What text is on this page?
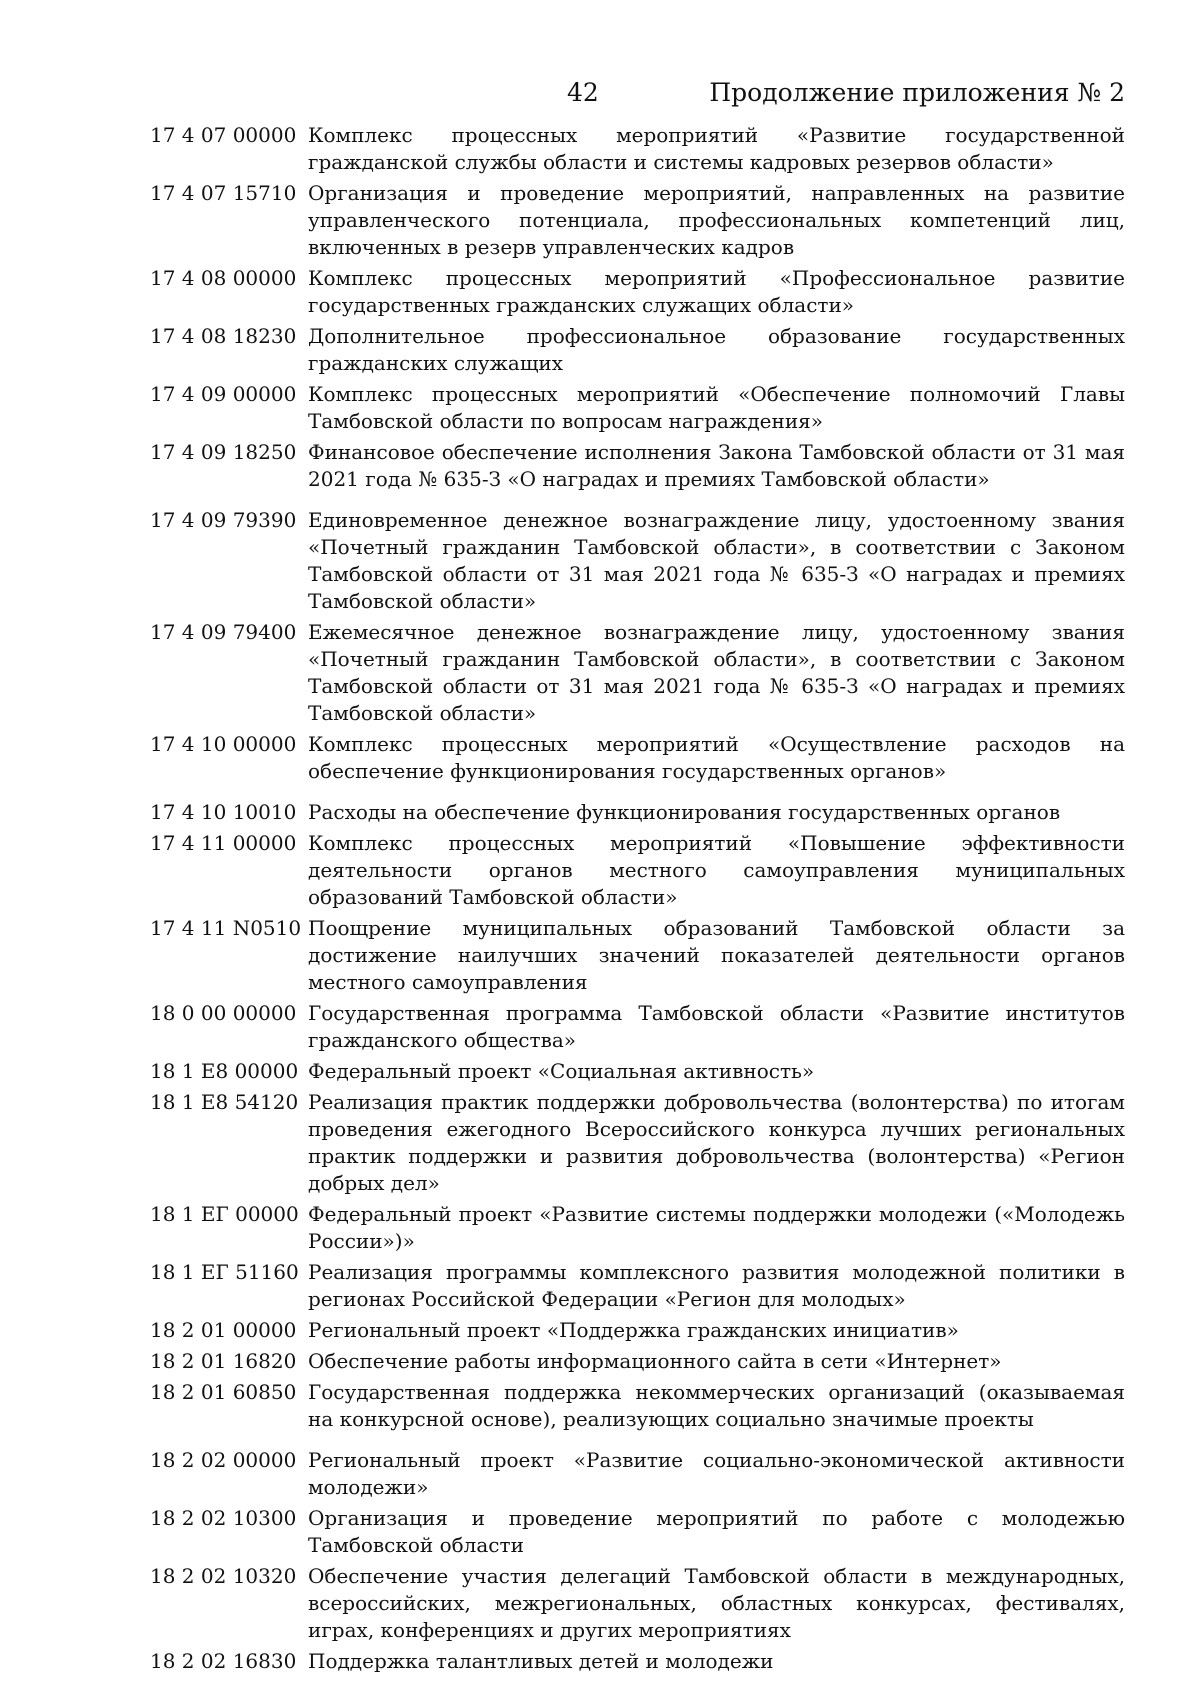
42	Продолжение приложения № 2
17 4 07 00000 Комплекс процессных мероприятий «Развитие государственной гражданской службы области и системы кадровых резервов области»
17 4 07 15710 Организация и проведение мероприятий, направленных на развитие управленческого потенциала, профессиональных компетенций лиц, включенных в резерв управленческих кадров
17 4 08 00000 Комплекс процессных мероприятий «Профессиональное развитие государственных гражданских служащих области»
17 4 08 18230 Дополнительное профессиональное образование государственных гражданских служащих
17 4 09 00000 Комплекс процессных мероприятий «Обеспечение полномочий Главы Тамбовской области по вопросам награждения»
17 4 09 18250 Финансовое обеспечение исполнения Закона Тамбовской области от 31 мая 2021 года № 635-З «О наградах и премиях Тамбовской области»
17 4 09 79390 Единовременное денежное вознаграждение лицу, удостоенному звания «Почетный гражданин Тамбовской области», в соответствии с Законом Тамбовской области от 31 мая 2021 года № 635-З «О наградах и премиях Тамбовской области»
17 4 09 79400 Ежемесячное денежное вознаграждение лицу, удостоенному звания «Почетный гражданин Тамбовской области», в соответствии с Законом Тамбовской области от 31 мая 2021 года № 635-З «О наградах и премиях Тамбовской области»
17 4 10 00000 Комплекс процессных мероприятий «Осуществление расходов на обеспечение функционирования государственных органов»
17 4 10 10010 Расходы на обеспечение функционирования государственных органов
17 4 11 00000 Комплекс процессных мероприятий «Повышение эффективности деятельности органов местного самоуправления муниципальных образований Тамбовской области»
17 4 11 N0510 Поощрение муниципальных образований Тамбовской области за достижение наилучших значений показателей деятельности органов местного самоуправления
18 0 00 00000 Государственная программа Тамбовской области «Развитие институтов гражданского общества»
18 1 E8 00000 Федеральный проект «Социальная активность»
18 1 E8 54120 Реализация практик поддержки добровольчества (волонтерства) по итогам проведения ежегодного Всероссийского конкурса лучших региональных практик поддержки и развития добровольчества (волонтерства) «Регион добрых дел»
18 1 ЕГ 00000 Федеральный проект «Развитие системы поддержки молодежи («Молодежь России»)»
18 1 ЕГ 51160 Реализация программы комплексного развития молодежной политики в регионах Российской Федерации «Регион для молодых»
18 2 01 00000 Региональный проект «Поддержка гражданских инициатив»
18 2 01 16820 Обеспечение работы информационного сайта в сети «Интернет»
18 2 01 60850 Государственная поддержка некоммерческих организаций (оказываемая на конкурсной основе), реализующих социально значимые проекты
18 2 02 00000 Региональный проект «Развитие социально-экономической активности молодежи»
18 2 02 10300 Организация и проведение мероприятий по работе с молодежью Тамбовской области
18 2 02 10320 Обеспечение участия делегаций Тамбовской области в международных, всероссийских, межрегиональных, областных конкурсах, фестивалях, играх, конференциях и других мероприятиях
18 2 02 16830 Поддержка талантливых детей и молодежи
